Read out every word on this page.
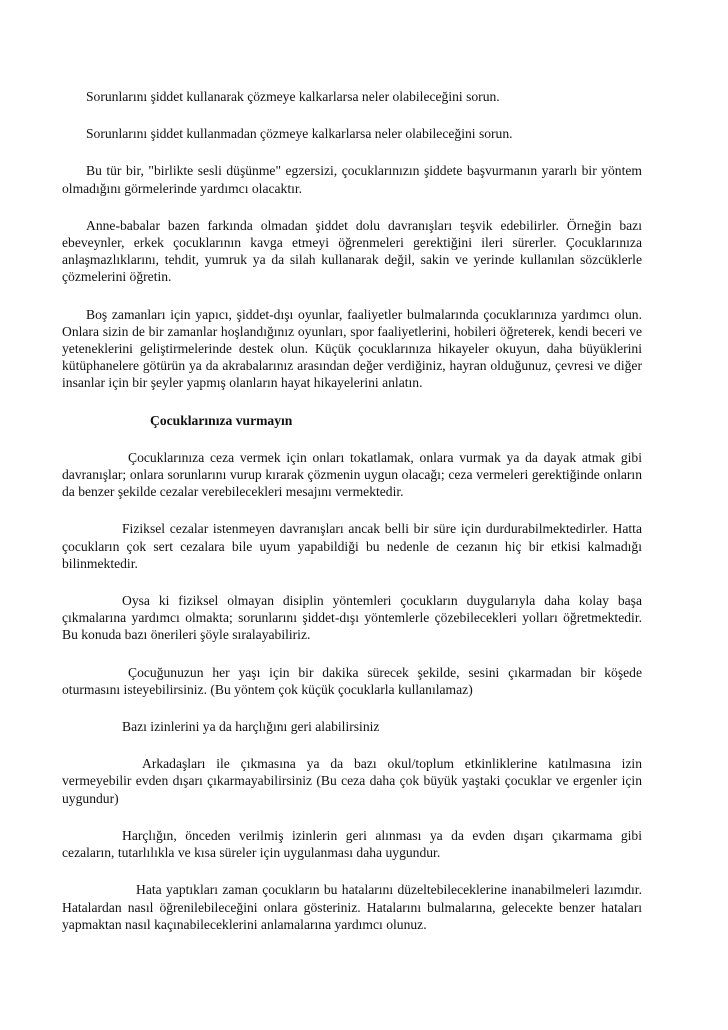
Sorunlarını şiddet kullanarak çözmeye kalkarlarsa neler olabileceğini sorun.

Sorunlarını şiddet kullanmadan çözmeye kalkarlarsa neler olabileceğini sorun.

Bu tür bir, "birlikte sesli düşünme" egzersizi, çocuklarınızın şiddete başvurmanın yararlı bir yöntem olmadığını görmelerinde yardımcı olacaktır.

Anne-babalar bazen farkında olmadan şiddet dolu davranışları teşvik edebilirler. Örneğin bazı ebeveynler, erkek çocuklarının kavga etmeyi öğrenmeleri gerektiğini ileri sürerler. Çocuklarınıza anlaşmazlıklarını, tehdit, yumruk ya da silah kullanarak değil, sakin ve yerinde kullanılan sözcüklerle çözmelerini öğretin.

Boş zamanları için yapıcı, şiddet-dışı oyunlar, faaliyetler bulmalarında çocuklarınıza yardımcı olun. Onlara sizin de bir zamanlar hoşlandığınız oyunları, spor faaliyetlerini, hobileri öğreterek, kendi beceri ve yeteneklerini geliştirmelerinde destek olun. Küçük çocuklarınıza hikayeler okuyun, daha büyüklerini kütüphanelere götürün ya da akrabalarınız arasından değer verdiğiniz, hayran olduğunuz, çevresi ve diğer insanlar için bir şeyler yapmış olanların hayat hikayelerini anlatın.

Çocuklarınıza vurmayın

Çocuklarınıza ceza vermek için onları tokatlamak, onlara vurmak ya da dayak atmak gibi davranışlar; onlara sorunlarını vurup kırarak çözmenin uygun olacağı; ceza vermeleri gerektiğinde onların da benzer şekilde cezalar verebilecekleri mesajını vermektedir.

Fiziksel cezalar istenmeyen davranışları ancak belli bir süre için durdurabilmektedirler. Hatta çocukların çok sert cezalara bile uyum yapabildiği bu nedenle de cezanın hiç bir etkisi kalmadığı bilinmektedir.

Oysa ki fiziksel olmayan disiplin yöntemleri çocukların duygularıyla daha kolay başa çıkmalarına yardımcı olmakta; sorunlarını şiddet-dışı yöntemlerle çözebilecekleri yolları öğretmektedir. Bu konuda bazı önerileri şöyle sıralayabiliriz.

Çocuğunuzun her yaşı için bir dakika sürecek şekilde, sesini çıkarmadan bir köşede oturmasını isteyebilirsiniz. (Bu yöntem çok küçük çocuklarla kullanılamaz)

Bazı izinlerini ya da harçlığını geri alabilirsiniz

Arkadaşları ile çıkmasına ya da bazı okul/toplum etkinliklerine katılmasına izin vermeyebilir evden dışarı çıkarmayabilirsiniz (Bu ceza daha çok büyük yaştaki çocuklar ve ergenler için uygundur)

Harçlığın, önceden verilmiş izinlerin geri alınması ya da evden dışarı çıkarmama gibi cezaların, tutarlılıkla ve kısa süreler için uygulanması daha uygundur.

Hata yaptıkları zaman çocukların bu hatalarını düzeltebileceklerine inanabilmeleri lazımdır. Hatalardan nasıl öğrenilebileceğini onlara gösteriniz. Hatalarını bulmalarına, gelecekte benzer hataları yapmaktan nasıl kaçınabileceklerini anlamalarına yardımcı olunuz.
